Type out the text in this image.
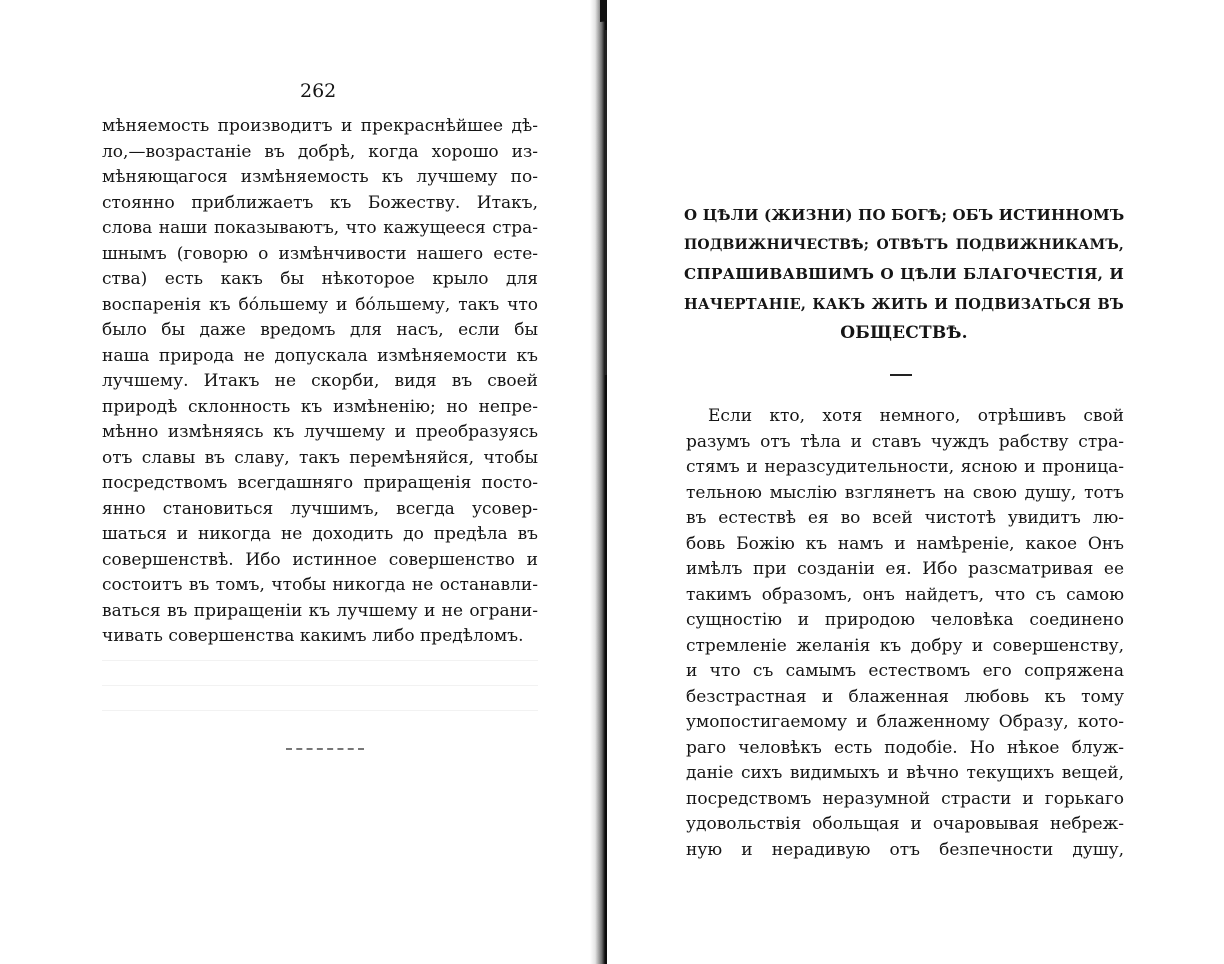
262
мѣняемость производитъ и прекраснѣйшее дѣ-
ло,—возрастаніе въ добрѣ, когда хорошо из-
мѣняющагося измѣняемость къ лучшему по-
стоянно приближаетъ къ Божеству. Итакъ,
слова наши показываютъ, что кажущееся стра-
шнымъ (говорю о измѣнчивости нашего есте-
ства) есть какъ бы нѣкоторое крыло для
воспаренія къ бо́льшему и бо́льшему, такъ что
было бы даже вредомъ для насъ, если бы
наша природа не допускала измѣняемости къ
лучшему. Итакъ не скорби, видя въ своей
природѣ склонность къ измѣненію; но непре-
мѣнно измѣняясь къ лучшему и преобразуясь
отъ славы въ славу, такъ перемѣняйся, чтобы
посредствомъ всегдашняго приращенія посто-
янно становиться лучшимъ, всегда усовер-
шаться и никогда не доходить до предѣла въ
совершенствѣ. Ибо истинное совершенство и
состоитъ въ томъ, чтобы никогда не останавли-
ваться въ приращеніи къ лучшему и не ограни-
чивать совершенства какимъ либо предѣломъ.
О ЦѢЛИ (ЖИЗНИ) ПО БОГѢ; ОБЪ ИСТИННОМЪ
ПОДВИЖНИЧЕСТВѢ; ОТВѢТЪ ПОДВИЖНИКАМЪ,
СПРАШИВАВШИМЪ О ЦѢЛИ БЛАГОЧЕСТІЯ, И
НАЧЕРТАНІЕ, КАКЪ ЖИТЬ И ПОДВИЗАТЬСЯ ВЪ
ОБЩЕСТВѢ.
Если кто, хотя немного, отрѣшивъ свой
разумъ отъ тѣла и ставъ чуждъ рабству стра-
стямъ и неразсудительности, ясною и проница-
тельною мыслію взглянетъ на свою душу, тотъ
въ естествѣ ея во всей чистотѣ увидитъ лю-
бовь Божію къ намъ и намѣреніе, какое Онъ
имѣлъ при созданіи ея. Ибо разсматривая ее
такимъ образомъ, онъ найдетъ, что съ самою
сущностію и природою человѣка соединено
стремленіе желанія къ добру и совершенству,
и что съ самымъ естествомъ его сопряжена
безстрастная и блаженная любовь къ тому
умопостигаемому и блаженному Образу, кото-
раго человѣкъ есть подобіе. Но нѣкое блуж-
даніе сихъ видимыхъ и вѣчно текущихъ вещей,
посредствомъ неразумной страсти и горькаго
удовольствія обольщая и очаровывая небреж-
ную и нерадивую отъ безпечности душу,
